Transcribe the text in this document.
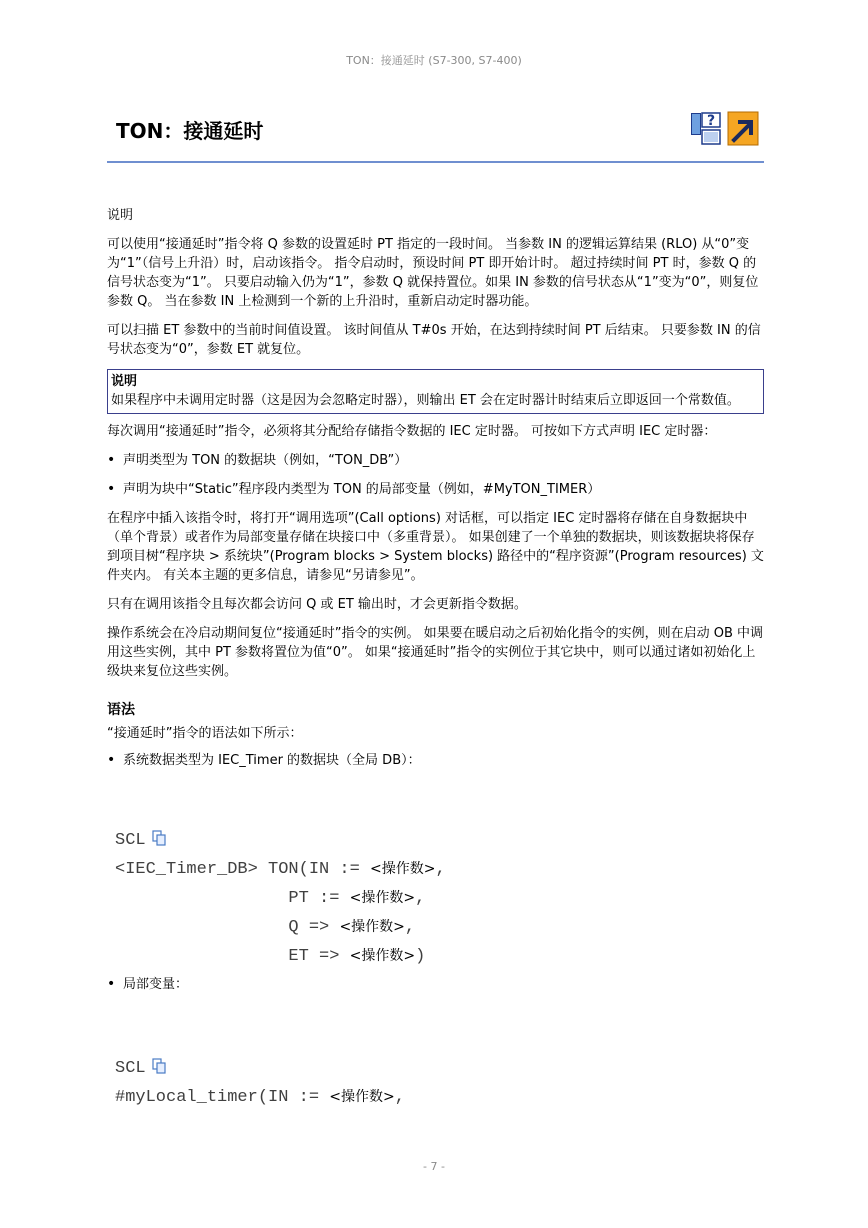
TON：接通延时 (S7-300, S7-400)
TON：接通延时	?

说明

可以使用“接通延时”指令将 Q 参数的设置延时 PT 指定的一段时间。 当参数 IN 的逻辑运算结果 (RLO) 从“0”变为“1”（信号上升沿）时，启动该指令。 指令启动时，预设时间 PT 即开始计时。 超过持续时间 PT 时，参数 Q 的信号状态变为“1”。 只要启动输入仍为“1”，参数 Q 就保持置位。如果 IN 参数的信号状态从“1”变为“0”，则复位参数 Q。 当在参数 IN 上检测到一个新的上升沿时，重新启动定时器功能。

可以扫描 ET 参数中的当前时间值设置。 该时间值从 T#0s 开始，在达到持续时间 PT 后结束。 只要参数 IN 的信号状态变为“0”，参数 ET 就复位。

说明
如果程序中未调用定时器（这是因为会忽略定时器），则输出 ET 会在定时器计时结束后立即返回一个常数值。

每次调用“接通延时”指令，必须将其分配给存储指令数据的 IEC 定时器。 可按如下方式声明 IEC 定时器：

• 声明类型为 TON 的数据块（例如，“TON_DB”）
• 声明为块中“Static”程序段内类型为 TON 的局部变量（例如，#MyTON_TIMER）

在程序中插入该指令时，将打开“调用选项”(Call options) 对话框，可以指定 IEC 定时器将存储在自身数据块中（单个背景）或者作为局部变量存储在块接口中（多重背景）。 如果创建了一个单独的数据块，则该数据块将保存到项目树“程序块 > 系统块”(Program blocks > System blocks) 路径中的“程序资源”(Program resources) 文件夹内。 有关本主题的更多信息，请参见“另请参见”。

只有在调用该指令且每次都会访问 Q 或 ET 输出时，才会更新指令数据。

操作系统会在冷启动期间复位“接通延时”指令的实例。 如果要在暖启动之后初始化指令的实例，则在启动 OB 中调用这些实例，其中 PT 参数将置位为值“0”。 如果“接通延时”指令的实例位于其它块中，则可以通过诸如初始化上级块来复位这些实例。

语法

“接通延时”指令的语法如下所示：

• 系统数据类型为 IEC_Timer 的数据块（全局 DB）：
SCL
<IEC_Timer_DB> TON(IN := <操作数>,
PT := <操作数>,
Q => <操作数>,
ET => <操作数>)
• 局部变量：
SCL
#myLocal_timer(IN := <操作数>,
- 7 -
